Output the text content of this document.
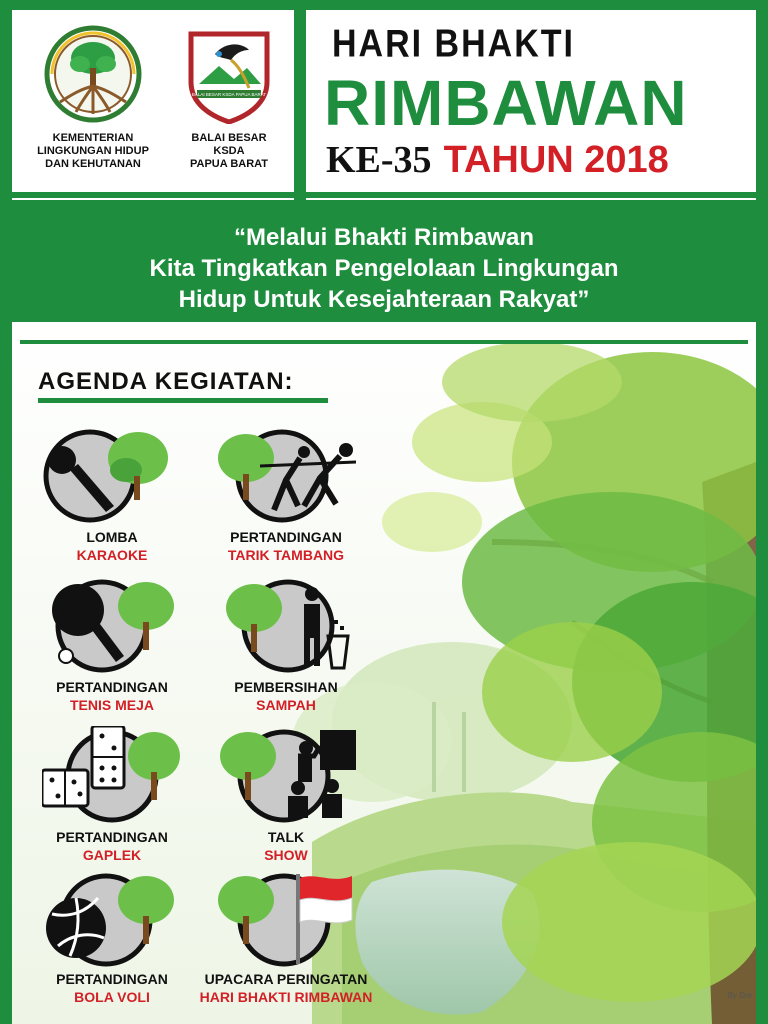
KEMENTERIAN
LINGKUNGAN HIDUP
DAN KEHUTANAN
BALAI BESAR KSDA PAPUA BARAT
BALAI BESAR
KSDA
PAPUA BARAT
HARI BHAKTI
RIMBAWAN
KE-35 TAHUN 2018
“Melalui Bhakti Rimbawan
Kita Tingkatkan Pengelolaan Lingkungan
Hidup Untuk Kesejahteraan Rakyat”
AGENDA KEGIATAN:
LOMBA
KARAOKE
PERTANDINGAN
TARIK TAMBANG
PERTANDINGAN
TENIS MEJA
PEMBERSIHAN
SAMPAH
PERTANDINGAN
GAPLEK
TALK
SHOW
PERTANDINGAN
BOLA VOLI
UPACARA PERINGATAN
HARI BHAKTI RIMBAWAN	By Dre
